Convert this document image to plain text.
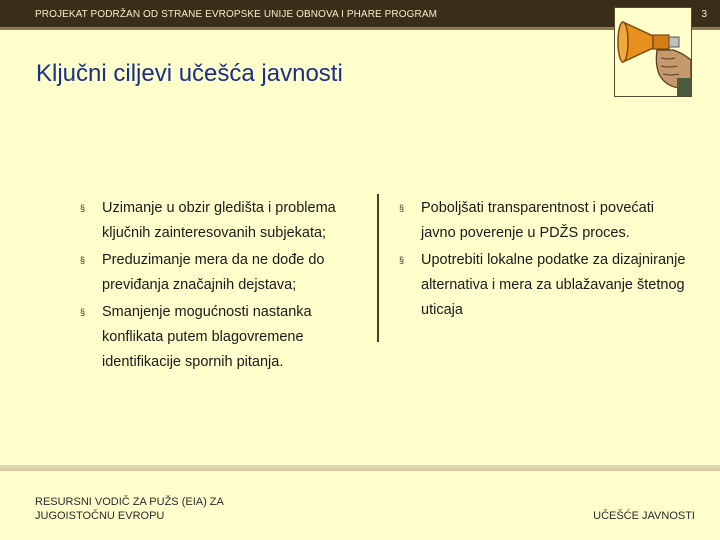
PROJEKAT PODRŽAN OD STRANE EVROPSKE UNIJE OBNOVA I PHARE PROGRAM	3
Ključni ciljevi učešća javnosti
§ Uzimanje u obzir gledišta i problema ključnih zainteresovanih subjekata;
§ Preduzimanje mera da ne dođe do previđanja značajnih dejstava;
§ Smanjenje mogućnosti nastanka konflikata putem blagovremene identifikacije spornih pitanja.
§ Poboljšati transparentnost i povećati javno poverenje u PDŽS proces.
§ Upotrebiti lokalne podatke za dizajniranje alternativa i mera za ublažavanje štetnog uticaja
RESURSNI VODIČ ZA PUŽS (EIA) ZA
JUGOISTOČNU EVROPU	UČEŠĆE JAVNOSTI
